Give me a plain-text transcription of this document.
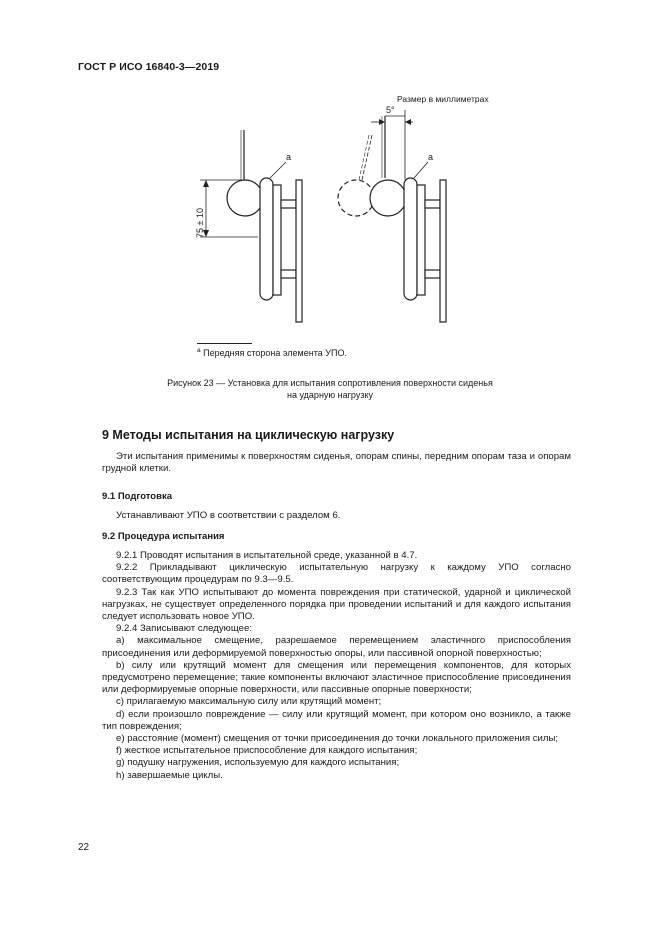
ГОСТ Р ИСО 16840-3—2019
Размер в миллиметрах
a	a
75 ± 10
5°
$^a$ Передняя сторона элемента УПО.
Рисунок 23 — Установка для испытания сопротивления поверхности сиденья
на ударную нагрузку
9 Методы испытания на циклическую нагрузку
Эти испытания применимы к поверхностям сиденья, опорам спины, передним опорам таза и опорам грудной клетки.
9.1 Подготовка
Устанавливают УПО в соответствии с разделом 6.
9.2 Процедура испытания
9.2.1 Проводят испытания в испытательной среде, указанной в 4.7.
9.2.2 Прикладывают циклическую испытательную нагрузку к каждому УПО согласно соответствующим процедурам по 9.3—9.5.
9.2.3 Так как УПО испытывают до момента повреждения при статической, ударной и циклической нагрузках, не существует определенного порядка при проведении испытаний и для каждого испытания следует использовать новое УПО.
9.2.4 Записывают следующее:
a) максимальное смещение, разрешаемое перемещением эластичного приспособления присоединения или деформируемой поверхностью опоры, или пассивной опорной поверхностью;
b) силу или крутящий момент для смещения или перемещения компонентов, для которых предусмотрено перемещение; такие компоненты включают эластичное приспособление присоединения или деформируемые опорные поверхности, или пассивные опорные поверхности;
c) прилагаемую максимальную силу или крутящий момент;
d) если произошло повреждение — силу или крутящий момент, при котором оно возникло, а также тип повреждения;
e) расстояние (момент) смещения от точки присоединения до точки локального приложения силы;
f) жесткое испытательное приспособление для каждого испытания;
g) подушку нагружения, используемую для каждого испытания;
h) завершаемые циклы.
22
